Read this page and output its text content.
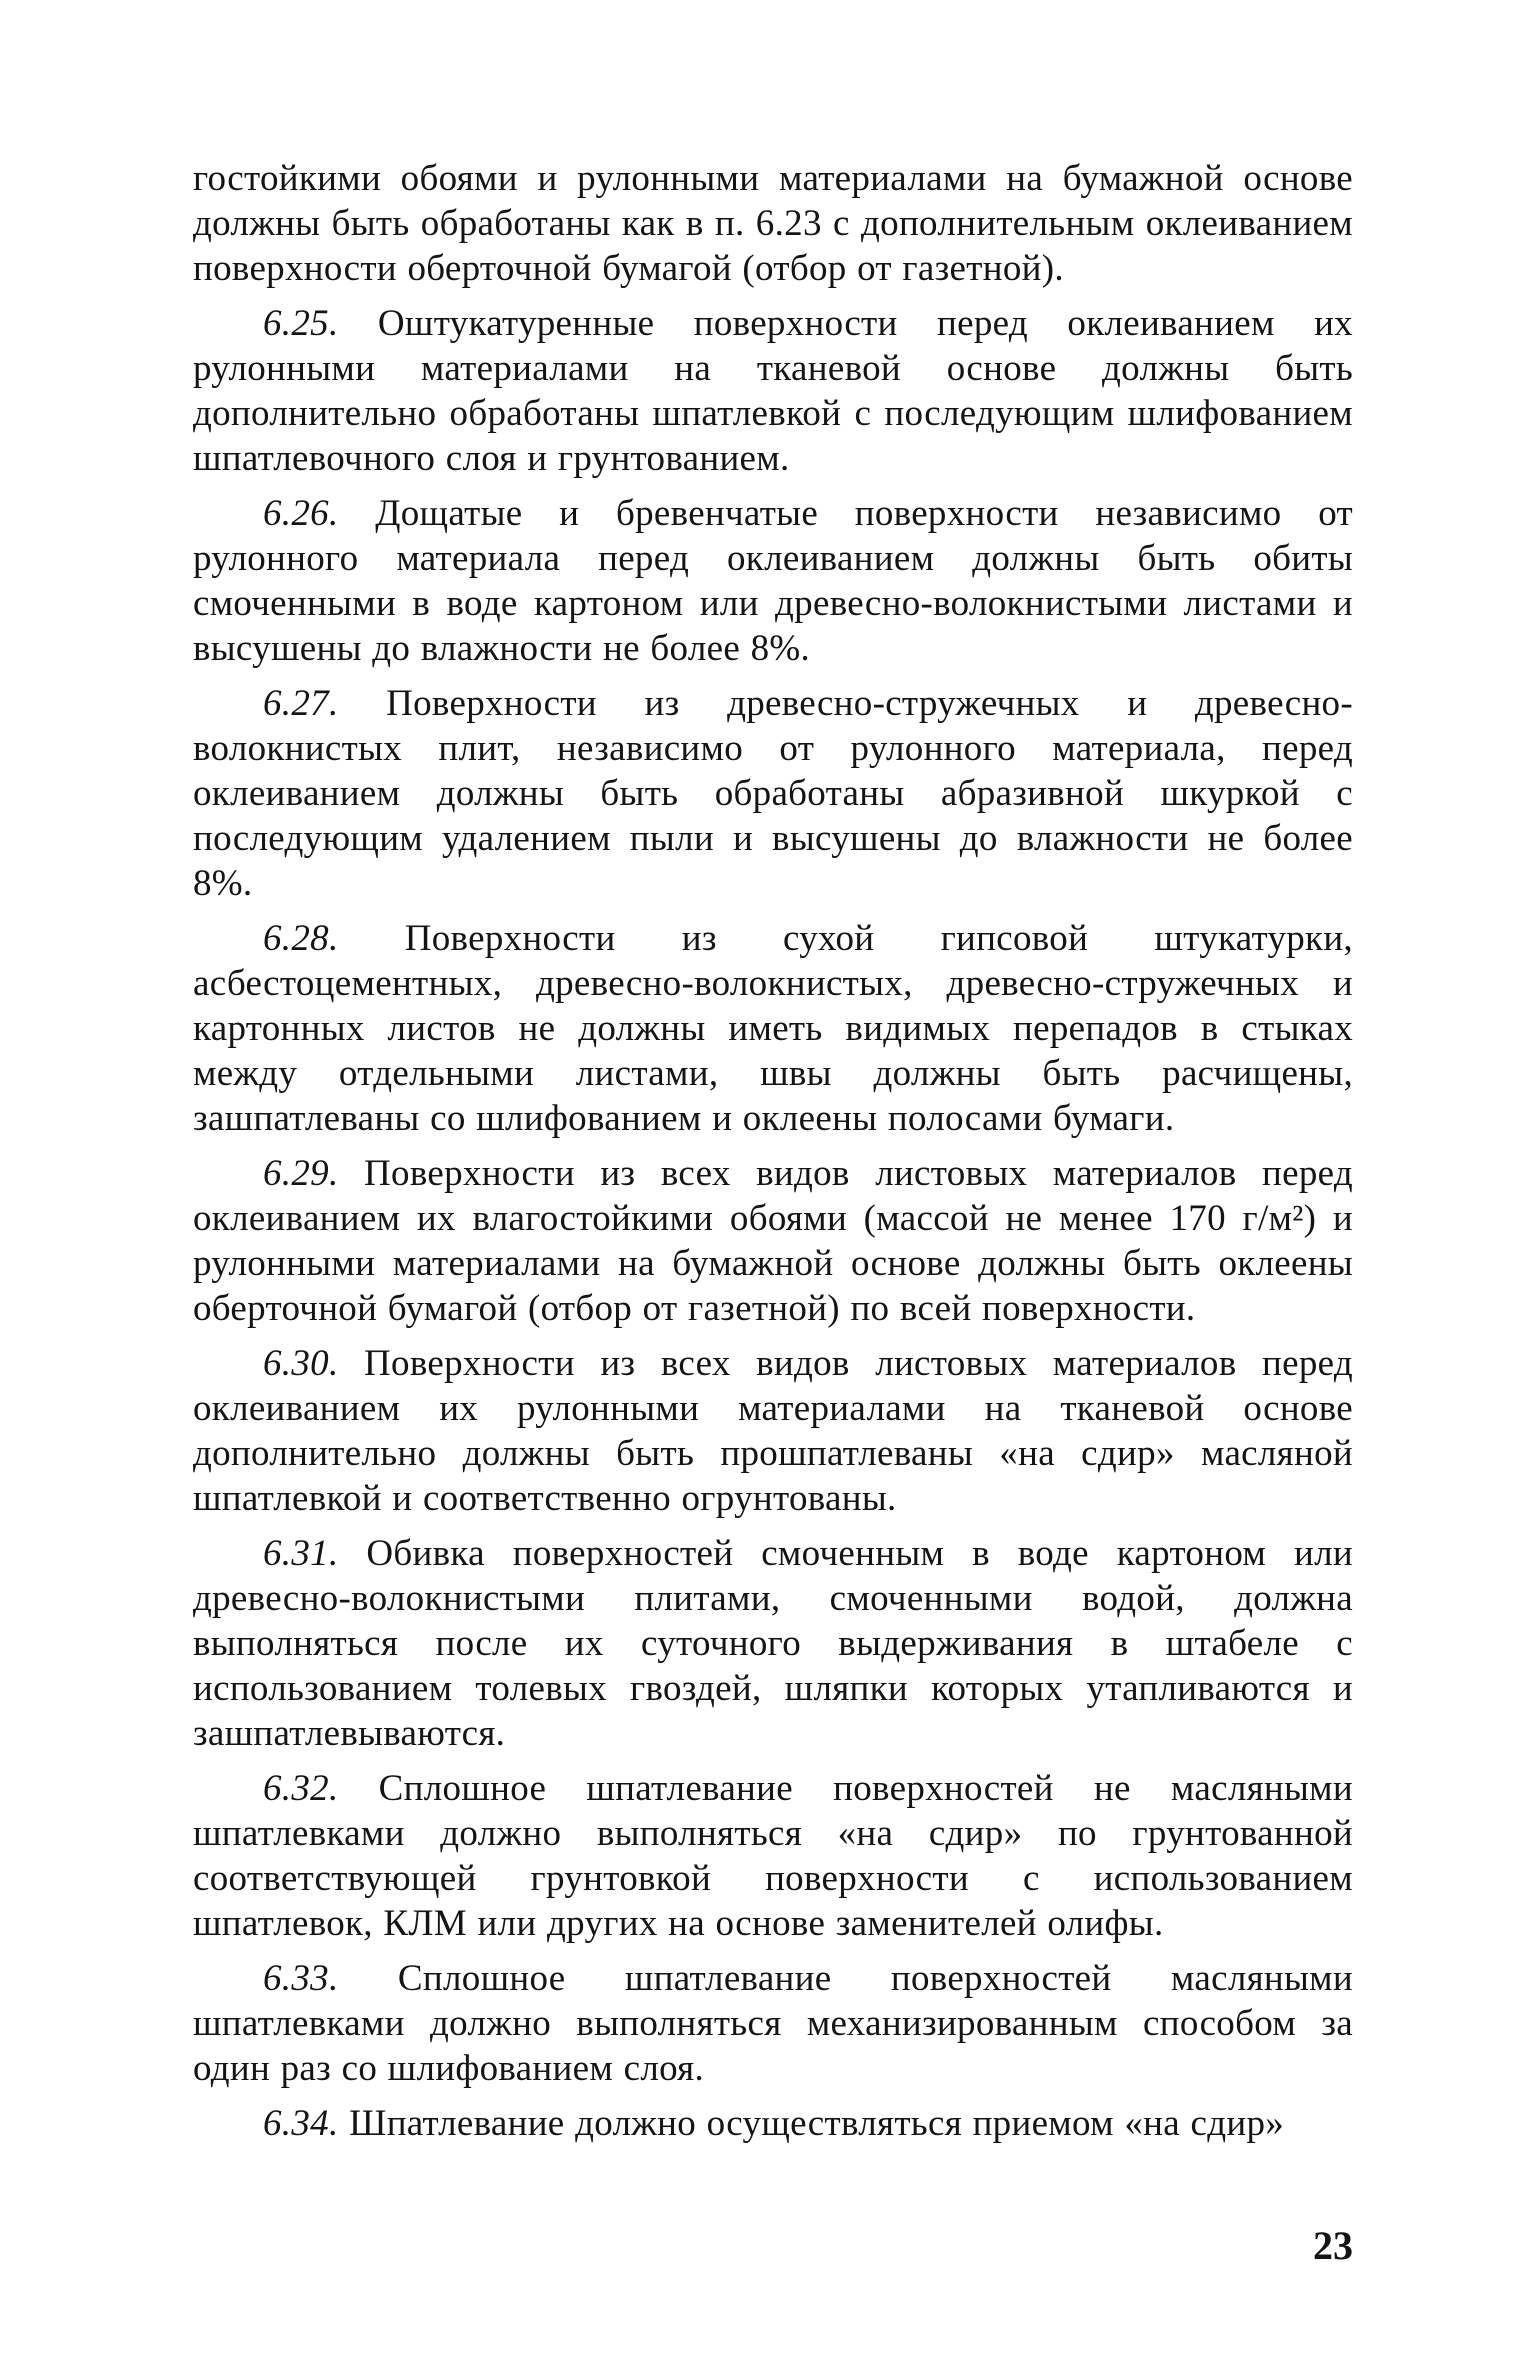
гостойкими обоями и рулонными материалами на бумажной основе должны быть обработаны как в п. 6.23 с дополнительным оклеиванием поверхности оберточной бумагой (отбор от газетной).

6.25. Оштукатуренные поверхности перед оклеиванием их рулонными материалами на тканевой основе должны быть дополнительно обработаны шпатлевкой с последующим шлифованием шпатлевочного слоя и грунтованием.

6.26. Дощатые и бревенчатые поверхности независимо от рулонного материала перед оклеиванием должны быть обиты смоченными в воде картоном или древесно-волокнистыми листами и высушены до влажности не более 8%.

6.27. Поверхности из древесно-стружечных и древесно-волокнистых плит, независимо от рулонного материала, перед оклеиванием должны быть обработаны абразивной шкуркой с последующим удалением пыли и высушены до влажности не более 8%.

6.28. Поверхности из сухой гипсовой штукатурки, асбестоцементных, древесно-волокнистых, древесно-стружечных и картонных листов не должны иметь видимых перепадов в стыках между отдельными листами, швы должны быть расчищены, зашпатлеваны со шлифованием и оклеены полосами бумаги.

6.29. Поверхности из всех видов листовых материалов перед оклеиванием их влагостойкими обоями (массой не менее 170 г/м²) и рулонными материалами на бумажной основе должны быть оклеены оберточной бумагой (отбор от газетной) по всей поверхности.

6.30. Поверхности из всех видов листовых материалов перед оклеиванием их рулонными материалами на тканевой основе дополнительно должны быть прошпатлеваны «на сдир» масляной шпатлевкой и соответственно огрунтованы.

6.31. Обивка поверхностей смоченным в воде картоном или древесно-волокнистыми плитами, смоченными водой, должна выполняться после их суточного выдерживания в штабеле с использованием толевых гвоздей, шляпки которых утапливаются и зашпатлевываются.

6.32. Сплошное шпатлевание поверхностей не масляными шпатлевками должно выполняться «на сдир» по грунтованной соответствующей грунтовкой поверхности с использованием шпатлевок, КЛМ или других на основе заменителей олифы.

6.33. Сплошное шпатлевание поверхностей масляными шпатлевками должно выполняться механизированным способом за один раз со шлифованием слоя.

6.34. Шпатлевание должно осуществляться приемом «на сдир»

23
